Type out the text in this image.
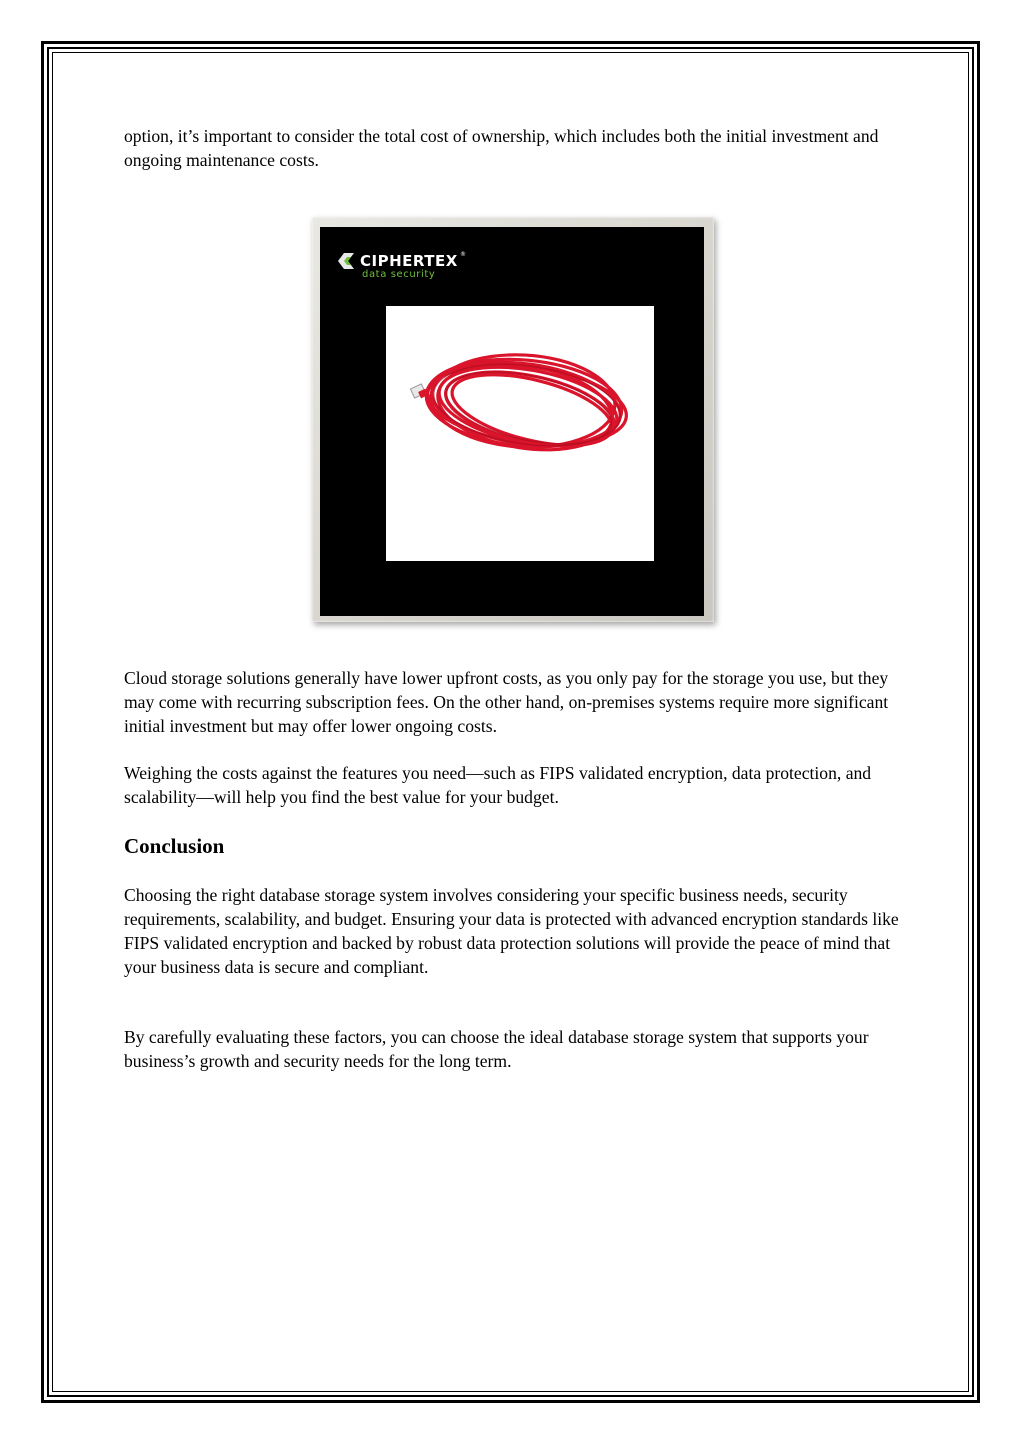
option, it’s important to consider the total cost of ownership, which includes both the initial investment and ongoing maintenance costs.

CIPHERTEX ®
data security

Cloud storage solutions generally have lower upfront costs, as you only pay for the storage you use, but they may come with recurring subscription fees. On the other hand, on-premises systems require more significant initial investment but may offer lower ongoing costs.

Weighing the costs against the features you need—such as FIPS validated encryption, data protection, and scalability—will help you find the best value for your budget.

Conclusion

Choosing the right database storage system involves considering your specific business needs, security requirements, scalability, and budget. Ensuring your data is protected with advanced encryption standards like FIPS validated encryption and backed by robust data protection solutions will provide the peace of mind that your business data is secure and compliant.

By carefully evaluating these factors, you can choose the ideal database storage system that supports your business’s growth and security needs for the long term.
